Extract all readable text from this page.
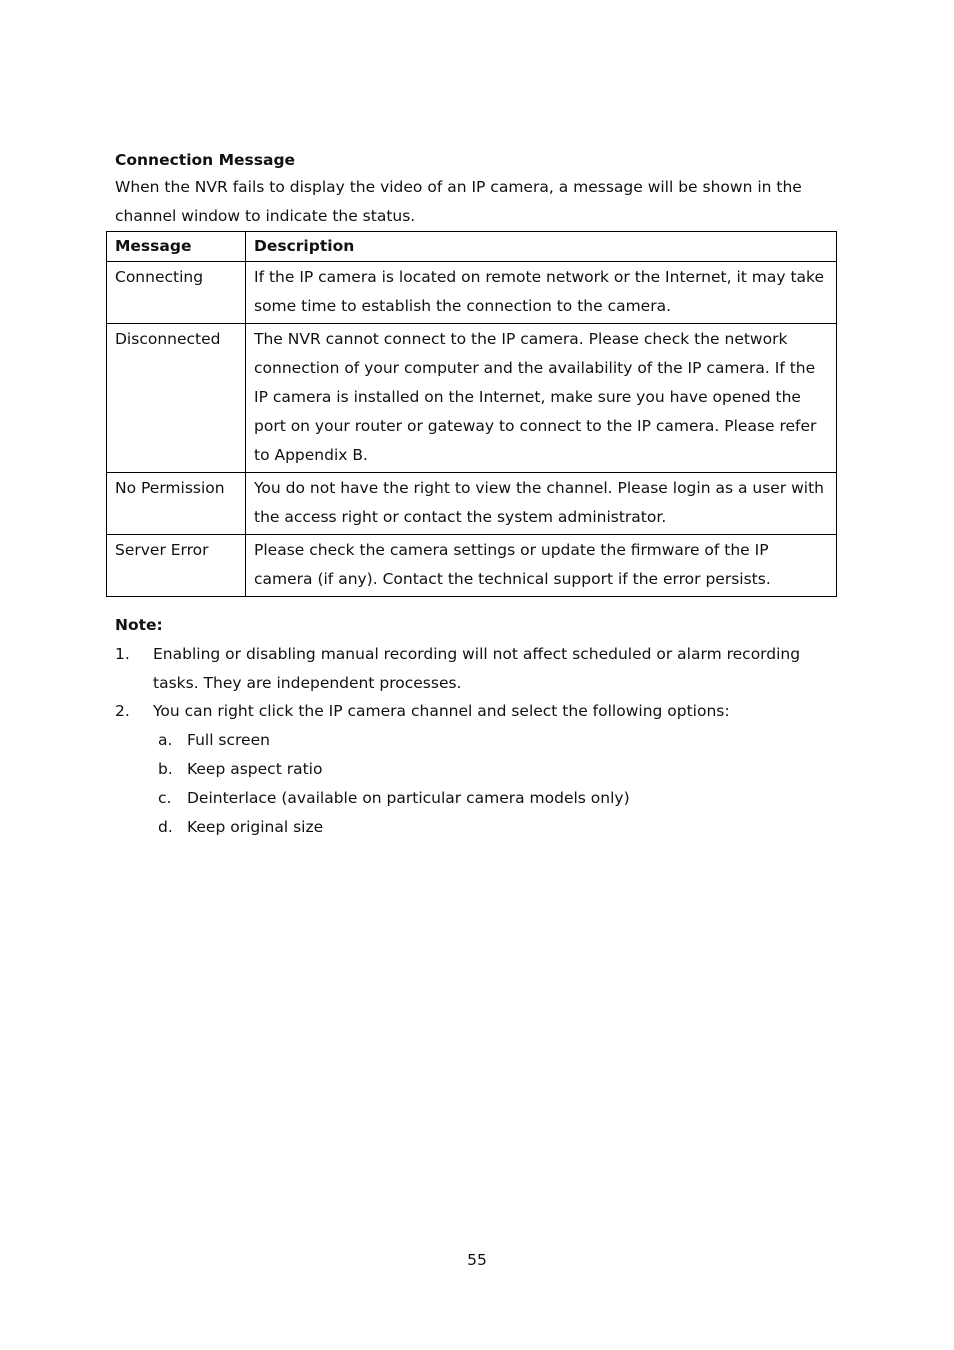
Connection Message
When the NVR fails to display the video of an IP camera, a message will be shown in the channel window to indicate the status.
Message	Description
Connecting	If the IP camera is located on remote network or the Internet, it may take some time to establish the connection to the camera.
Disconnected	The NVR cannot connect to the IP camera. Please check the network connection of your computer and the availability of the IP camera. If the IP camera is installed on the Internet, make sure you have opened the port on your router or gateway to connect to the IP camera. Please refer to Appendix B.
No Permission	You do not have the right to view the channel. Please login as a user with the access right or contact the system administrator.
Server Error	Please check the camera settings or update the firmware of the IP camera (if any). Contact the technical support if the error persists.
Note:
1. Enabling or disabling manual recording will not affect scheduled or alarm recording tasks. They are independent processes.
2. You can right click the IP camera channel and select the following options:
a. Full screen
b. Keep aspect ratio
c. Deinterlace (available on particular camera models only)
d. Keep original size
55
